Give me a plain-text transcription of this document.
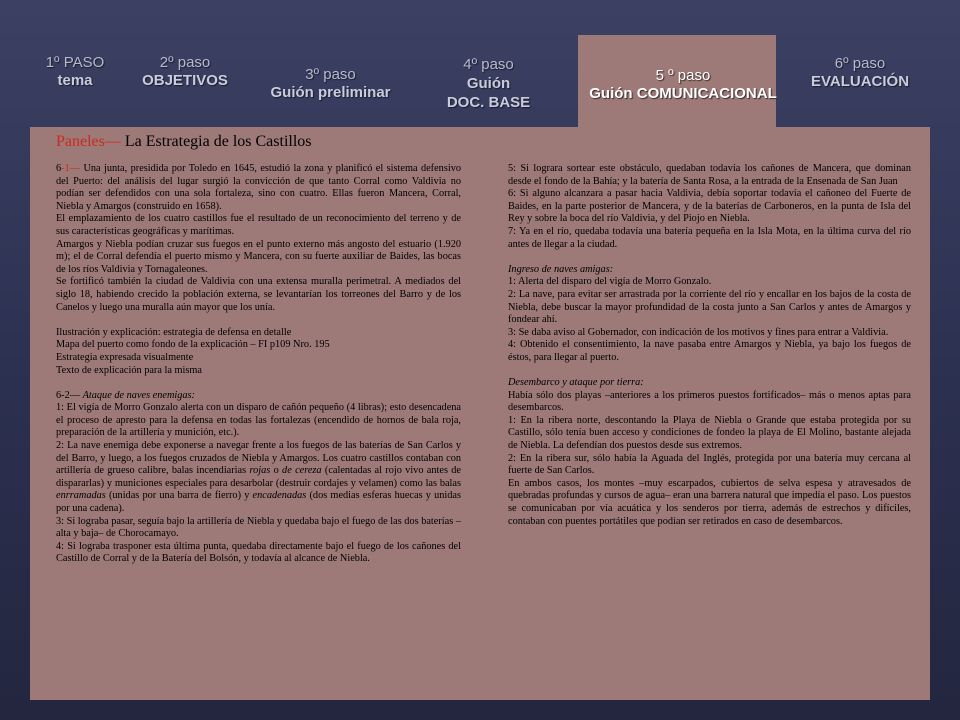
1º PASO
tema
2º paso
OBJETIVOS	3º paso
Guión preliminar
4º paso
Guión
DOC. BASE
5 º paso
Guión COMUNICACIONAL
6º paso
EVALUACIÓN
Paneles— La Estrategia de los Castillos

6-1— Una junta, presidida por Toledo en 1645, estudió la zona y planificó el sistema defensivo del Puerto: del análisis del lugar surgió la convicción de que tanto Corral como Valdivia no podían ser defendidos con una sola fortaleza, sino con cuatro. Ellas fueron Mancera, Corral, Niebla y Amargos (construido en 1658).

El emplazamiento de los cuatro castillos fue el resultado de un reconocimiento del terreno y de sus características geográficas y marítimas.

Amargos y Niebla podían cruzar sus fuegos en el punto externo más angosto del estuario (1.920 m); el de Corral defendía el puerto mismo y Mancera, con su fuerte auxiliar de Baides, las bocas de los ríos Valdivia y Tornagaleones.

Se fortificó también la ciudad de Valdivia con una extensa muralla perimetral. A mediados del siglo 18, habiendo crecido la población externa, se levantarían los torreones del Barro y de los Canelos y luego una muralla aún mayor que los unía.

Ilustración y explicación: estrategia de defensa en detalle

Mapa del puerto como fondo de la explicación – FI p109 Nro. 195

Estrategia expresada visualmente

Texto de explicación para la misma

6-2— Ataque de naves enemigas:

1: El vigía de Morro Gonzalo alerta con un disparo de cañón pequeño (4 libras); esto desencadena el proceso de apresto para la defensa en todas las fortalezas (encendido de hornos de bala roja, preparación de la artillería y munición, etc.).

2: La nave enemiga debe exponerse a navegar frente a los fuegos de las baterías de San Carlos y del Barro, y luego, a los fuegos cruzados de Niebla y Amargos. Los cuatro castillos contaban con artillería de grueso calibre, balas incendiarias rojas o de cereza (calentadas al rojo vivo antes de dispararlas) y municiones especiales para desarbolar (destruir cordajes y velamen) como las balas enrramadas (unidas por una barra de fierro) y encadenadas (dos medias esferas huecas y unidas por una cadena).

3: Si lograba pasar, seguía bajo la artillería de Niebla y quedaba bajo el fuego de las dos baterías –alta y baja– de Chorocamayo.

4: Si lograba trasponer esta última punta, quedaba directamente bajo el fuego de los cañones del Castillo de Corral y de la Batería del Bolsón, y todavía al alcance de Niebla.

5: Si lograra sortear este obstáculo, quedaban todavía los cañones de Mancera, que dominan desde el fondo de la Bahía; y la batería de Santa Rosa, a la entrada de la Ensenada de San Juan

6: Si alguno alcanzara a pasar hacia Valdivia, debía soportar todavía el cañoneo del Fuerte de Baides, en la parte posterior de Mancera, y de la baterías de Carboneros, en la punta de Isla del Rey y sobre la boca del río Valdivia, y del Piojo en Niebla.

7: Ya en el río, quedaba todavía una batería pequeña en la Isla Mota, en la última curva del río antes de llegar a la ciudad.

Ingreso de naves amigas:

1: Alerta del disparo del vigía de Morro Gonzalo.

2: La nave, para evitar ser arrastrada por la corriente del río y encallar en los bajos de la costa de Niebla, debe buscar la mayor profundidad de la costa junto a San Carlos y antes de Amargos y fondear ahí.

3: Se daba aviso al Gobernador, con indicación de los motivos y fines para entrar a Valdivia.

4: Obtenido el consentimiento, la nave pasaba entre Amargos y Niebla, ya bajo los fuegos de éstos, para llegar al puerto.

Desembarco y ataque por tierra:

Había sólo dos playas –anteriores a los primeros puestos fortificados– más o menos aptas para desembarcos.

1: En la ribera norte, descontando la Playa de Niebla o Grande que estaba protegida por su Castillo, sólo tenía buen acceso y condiciones de fondeo la playa de El Molino, bastante alejada de Niebla. La defendían dos puestos desde sus extremos.

2: En la ribera sur, sólo había la Aguada del Inglés, protegida por una batería muy cercana al fuerte de San Carlos.

En ambos casos, los montes –muy escarpados, cubiertos de selva espesa y atravesados de quebradas profundas y cursos de agua– eran una barrera natural que impedía el paso. Los puestos se comunicaban por vía acuática y los senderos por tierra, además de estrechos y difíciles, contaban con puentes portátiles que podían ser retirados en caso de desembarcos.
